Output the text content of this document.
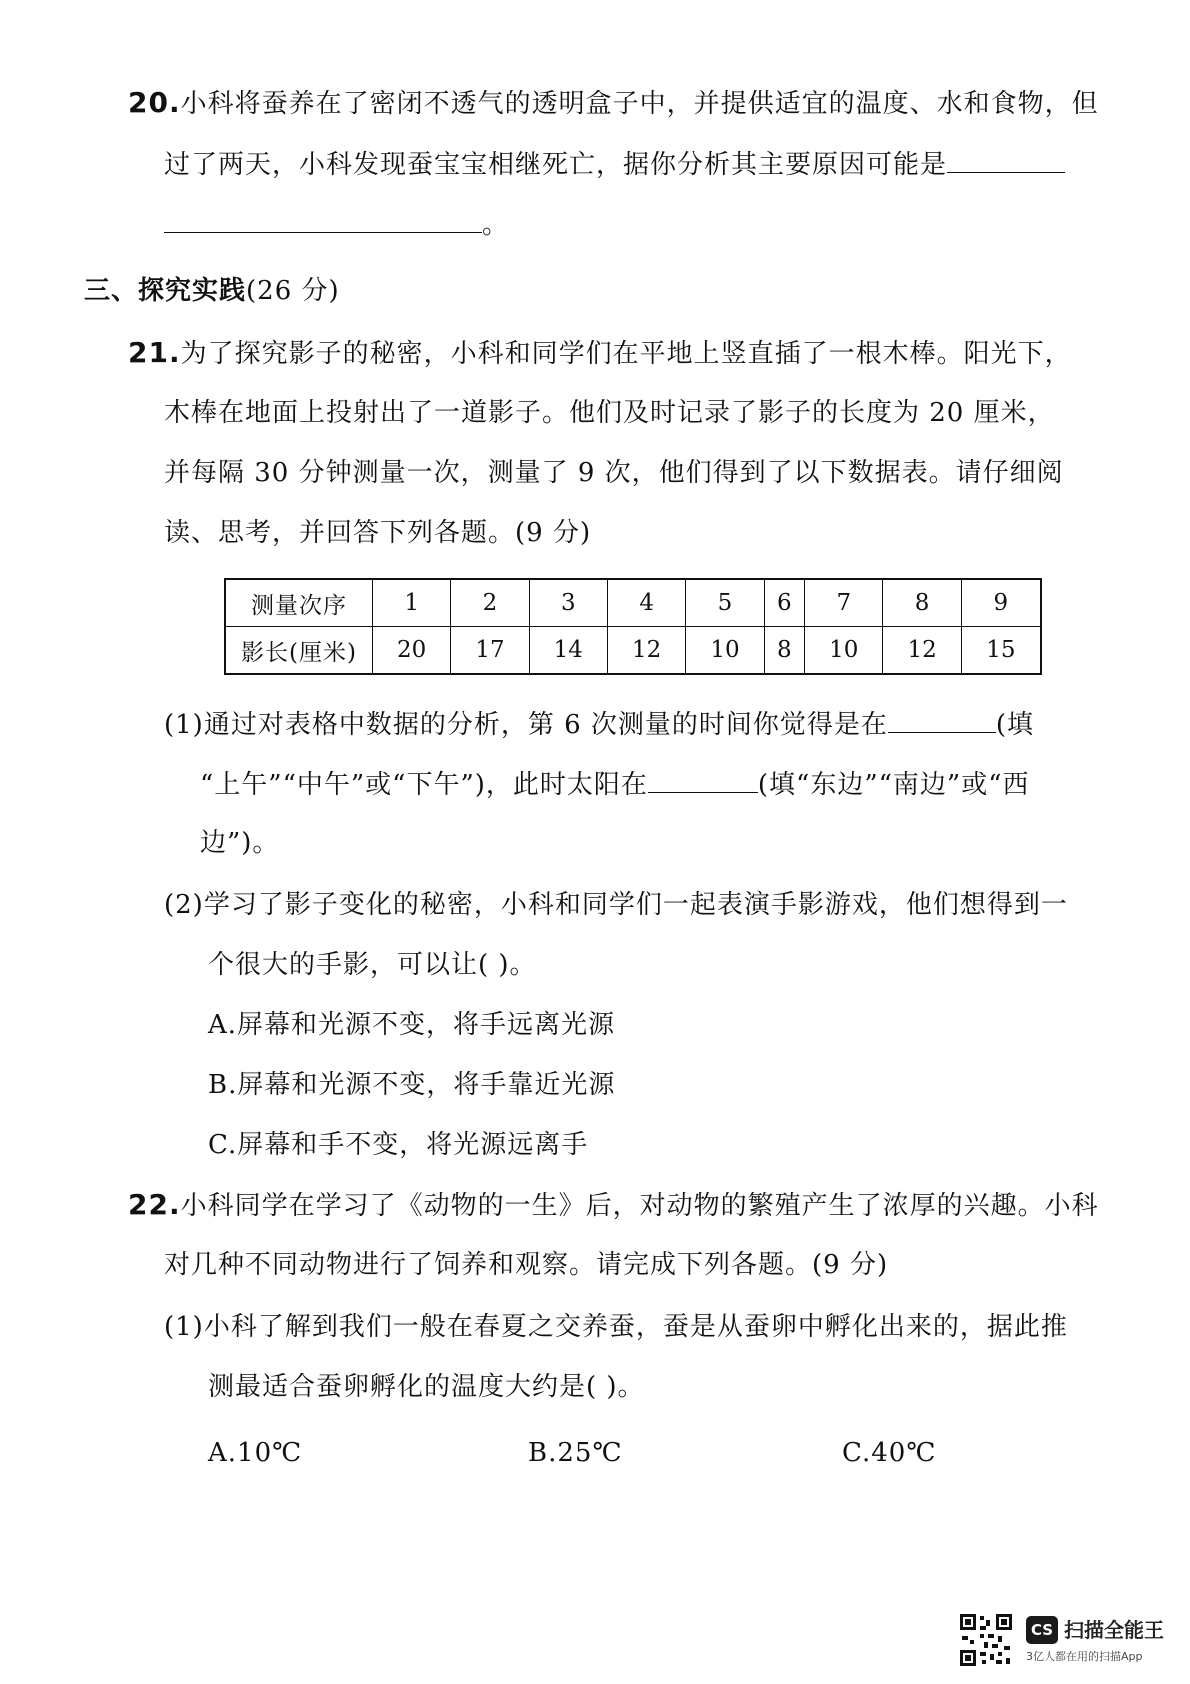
20.小科将蚕养在了密闭不透气的透明盒子中，并提供适宜的温度、水和食物，但
过了两天，小科发现蚕宝宝相继死亡，据你分析其主要原因可能是
。
三、探究实践(26 分)
21.为了探究影子的秘密，小科和同学们在平地上竖直插了一根木棒。阳光下，
木棒在地面上投射出了一道影子。他们及时记录了影子的长度为 20 厘米，
并每隔 30 分钟测量一次，测量了 9 次，他们得到了以下数据表。请仔细阅
读、思考，并回答下列各题。(9 分)
测量次序	1	2	3	4	5	6	7	8	9
影长(厘米)	20	17	14	12	10	8	10	12	15
(1)通过对表格中数据的分析，第 6 次测量的时间你觉得是在	(填
“上午”“中午”或“下午”)，此时太阳在	(填“东边”“南边”或“西
边”)。
(2)学习了影子变化的秘密，小科和同学们一起表演手影游戏，他们想得到一
个很大的手影，可以让( )。
A.屏幕和光源不变，将手远离光源
B.屏幕和光源不变，将手靠近光源
C.屏幕和手不变，将光源远离手
22.小科同学在学习了《动物的一生》后，对动物的繁殖产生了浓厚的兴趣。小科
对几种不同动物进行了饲养和观察。请完成下列各题。(9 分)
(1)小科了解到我们一般在春夏之交养蚕，蚕是从蚕卵中孵化出来的，据此推
测最适合蚕卵孵化的温度大约是( )。
A.10℃	B.25℃	C.40℃
CS 扫描全能王
3亿人都在用的扫描App
